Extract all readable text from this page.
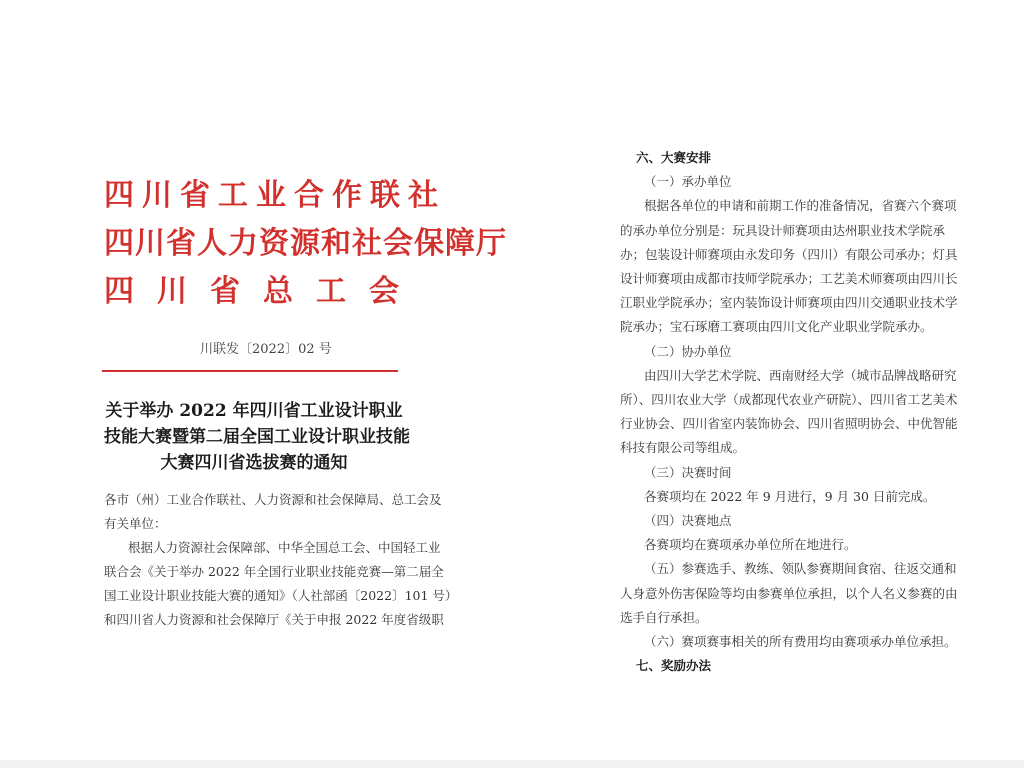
四川省工业合作联社
四川省人力资源和社会保障厅
四川省总工会
川联发〔2022〕02 号
关于举办 2022 年四川省工业设计职业
技能大赛暨第二届全国工业设计职业技能
大赛四川省选拔赛的通知
各市（州）工业合作联社、人力资源和社会保障局、总工会及
有关单位：
根据人力资源社会保障部、中华全国总工会、中国轻工业
联合会《关于举办 2022 年全国行业职业技能竞赛—第二届全
国工业设计职业技能大赛的通知》（人社部函〔2022〕101 号）
和四川省人力资源和社会保障厅《关于申报 2022 年度省级职
六、大赛安排
（一）承办单位
根据各单位的申请和前期工作的准备情况，省赛六个赛项
的承办单位分别是：玩具设计师赛项由达州职业技术学院承
办；包装设计师赛项由永发印务（四川）有限公司承办；灯具
设计师赛项由成都市技师学院承办；工艺美术师赛项由四川长
江职业学院承办；室内装饰设计师赛项由四川交通职业技术学
院承办；宝石琢磨工赛项由四川文化产业职业学院承办。
（二）协办单位
由四川大学艺术学院、西南财经大学（城市品牌战略研究
所）、四川农业大学（成都现代农业产研院）、四川省工艺美术
行业协会、四川省室内装饰协会、四川省照明协会、中优智能
科技有限公司等组成。
（三）决赛时间
各赛项均在 2022 年 9 月进行，9 月 30 日前完成。
（四）决赛地点
各赛项均在赛项承办单位所在地进行。
（五）参赛选手、教练、领队参赛期间食宿、往返交通和
人身意外伤害保险等均由参赛单位承担，以个人名义参赛的由
选手自行承担。
（六）赛项赛事相关的所有费用均由赛项承办单位承担。
七、奖励办法
